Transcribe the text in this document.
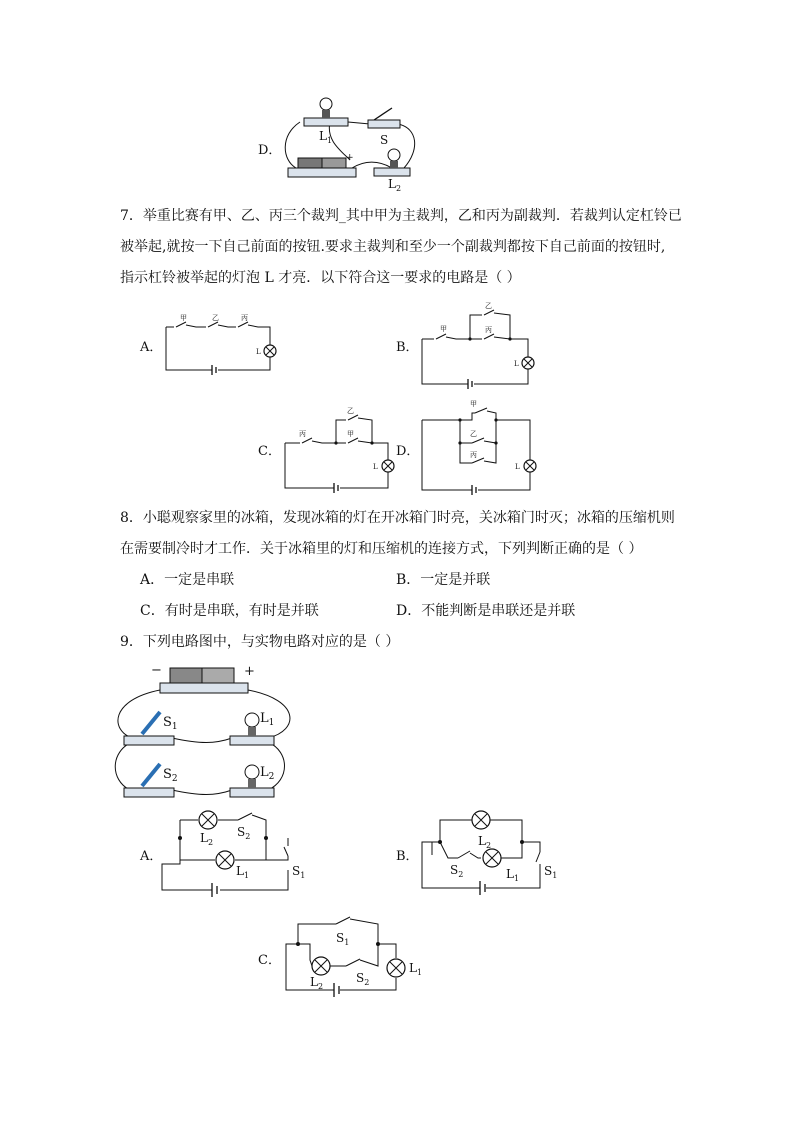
D．
$L_1$	S
+
$L_2$
7．举重比赛有甲、乙、丙三个裁判_其中甲为主裁判，乙和丙为副裁判．若裁判认定杠铃已
被举起,就按一下自己前面的按钮.要求主裁判和至少一个副裁判都按下自己前面的按钮时,
指示杠铃被举起的灯泡 L 才亮．以下符合这一要求的电路是（ ）
A．
甲	乙	丙
L	B．
甲
乙
丙
L
C．
丙
乙
甲
L
D．
甲
乙
丙
L
8．小聪观察家里的冰箱，发现冰箱的灯在开冰箱门时亮，关冰箱门时灭；冰箱的压缩机则
在需要制冷时才工作．关于冰箱里的灯和压缩机的连接方式，下列判断正确的是（ ）
A．一定是串联	B．一定是并联
C．有时是串联，有时是并联	D．不能判断是串联还是并联
9．下列电路图中，与实物电路对应的是（ ）
−	+
$S_1$
$L_1$
$S_2$	$L_2$
A．
$L_2$
$S_2$
$L_1$	$S_1$
B．
$L_2$
$S_2$	$L_1$
$S_1$
C．
$S_1$
$L_2$
$S_2$
$L_1$
